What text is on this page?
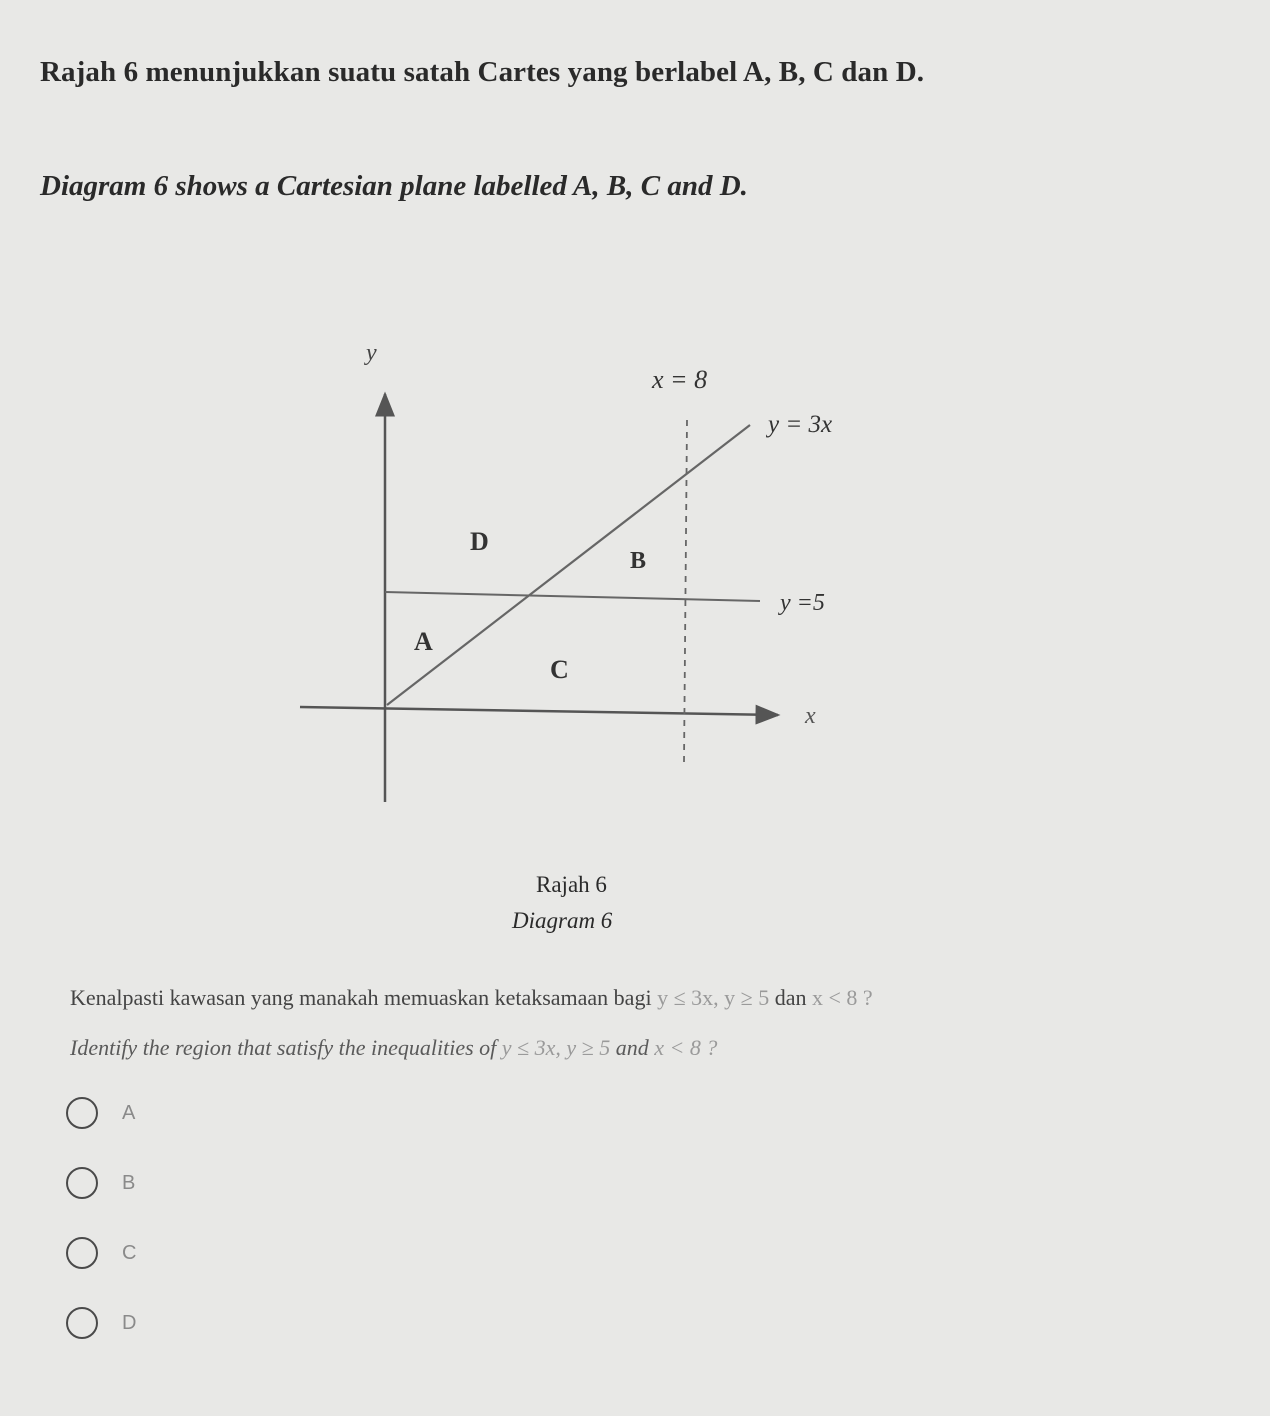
Rajah 6 menunjukkan suatu satah Cartes yang berlabel A, B, C dan D.
Diagram 6 shows a Cartesian plane labelled A, B, C and D.
y
x
x = 8
y = 3x
y =5
D
B
A
C
Rajah 6
Diagram 6
Kenalpasti kawasan yang manakah memuaskan ketaksamaan bagi y ≤ 3x, y ≥ 5 dan x < 8 ?
Identify the region that satisfy the inequalities of y ≤ 3x, y ≥ 5 and x < 8 ?
A
B
C
D
